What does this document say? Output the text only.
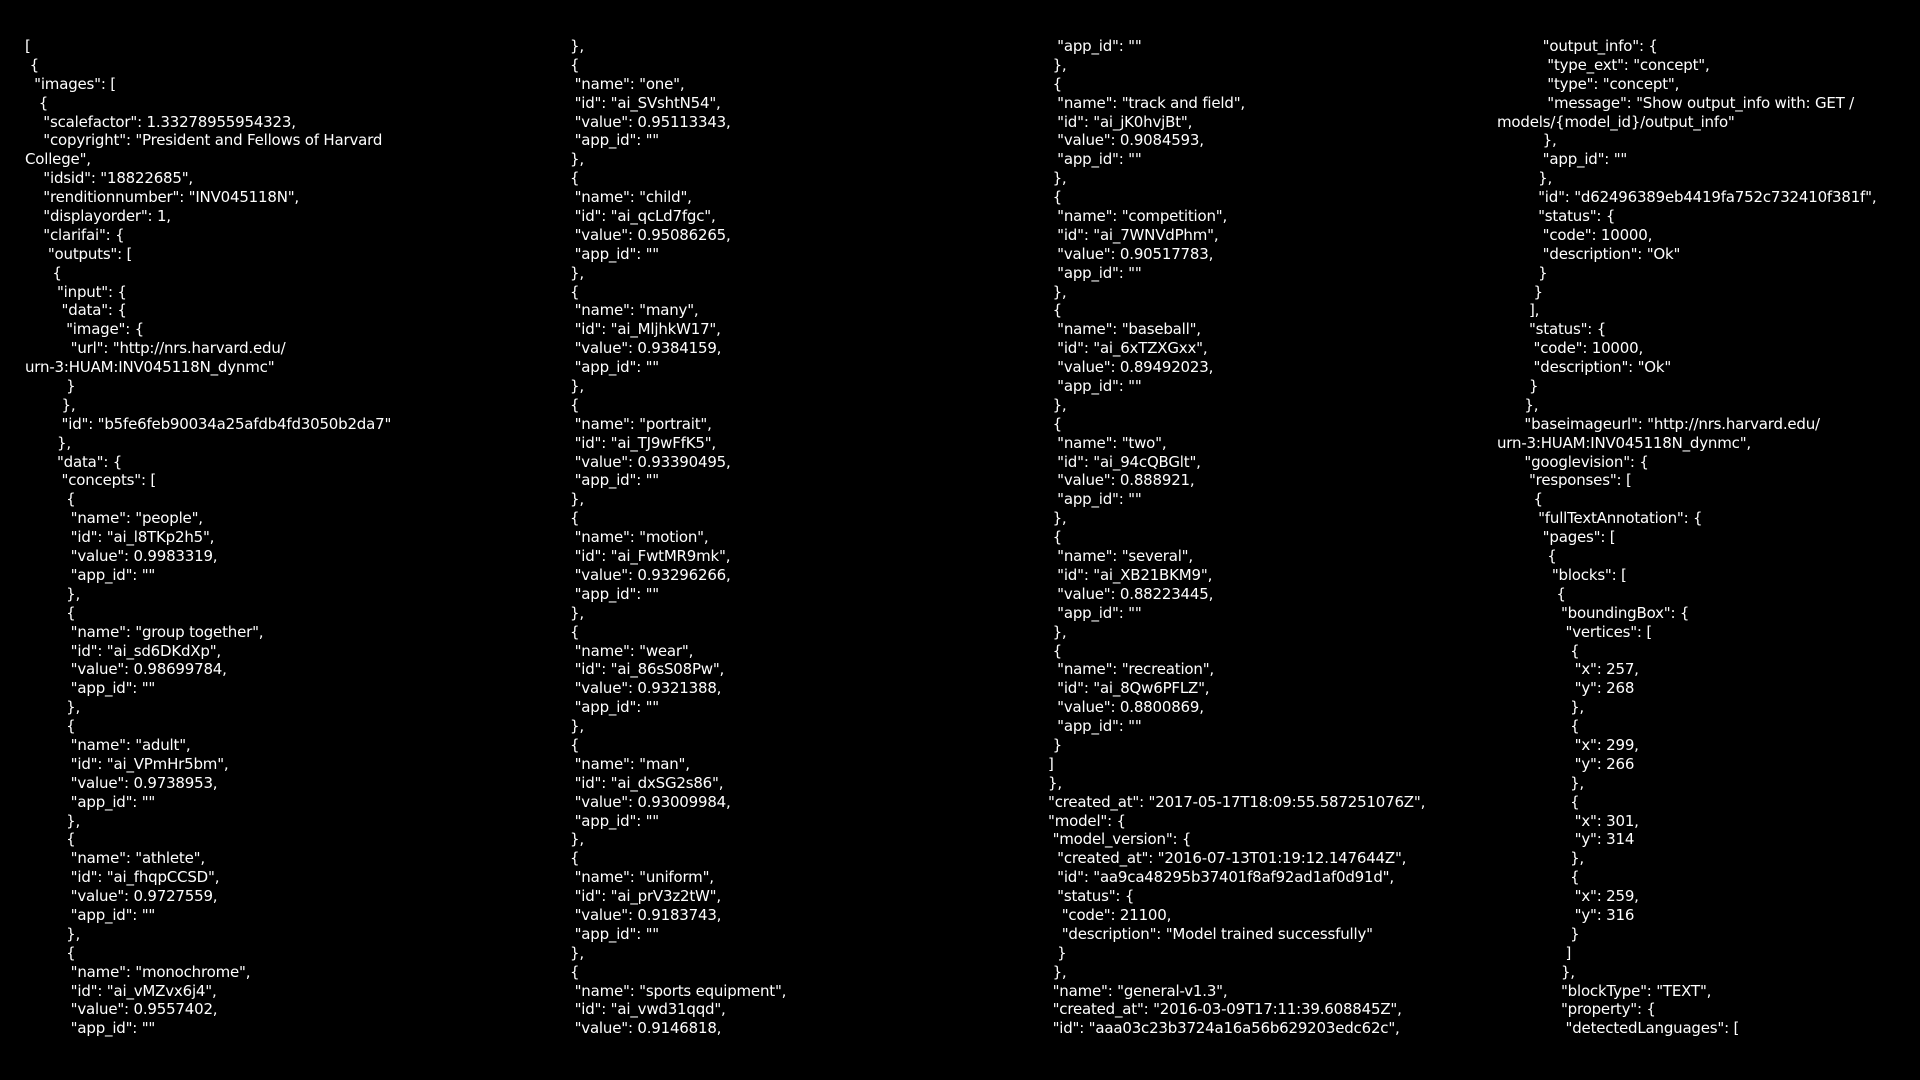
[
{
"images": [
{
"scalefactor": 1.33278955954323,
"copyright": "President and Fellows of Harvard
College",
"idsid": "18822685",
"renditionnumber": "INV045118N",
"displayorder": 1,
"clarifai": {
"outputs": [
{
"input": {
"data": {
"image": {
"url": "http://nrs.harvard.edu/
urn-3:HUAM:INV045118N_dynmc"
}
},
"id": "b5fe6feb90034a25afdb4fd3050b2da7"
},
"data": {
"concepts": [
{
"name": "people",
"id": "ai_l8TKp2h5",
"value": 0.9983319,
"app_id": ""
},
{
"name": "group together",
"id": "ai_sd6DKdXp",
"value": 0.98699784,
"app_id": ""
},
{
"name": "adult",
"id": "ai_VPmHr5bm",
"value": 0.9738953,
"app_id": ""
},
{
"name": "athlete",
"id": "ai_fhqpCCSD",
"value": 0.9727559,
"app_id": ""
},
{
"name": "monochrome",
"id": "ai_vMZvx6j4",
"value": 0.9557402,
"app_id": ""
},
{
"name": "one",
"id": "ai_SVshtN54",
"value": 0.95113343,
"app_id": ""
},
{
"name": "child",
"id": "ai_qcLd7fgc",
"value": 0.95086265,
"app_id": ""
},
{
"name": "many",
"id": "ai_MljhkW17",
"value": 0.9384159,
"app_id": ""
},
{
"name": "portrait",
"id": "ai_TJ9wFfK5",
"value": 0.93390495,
"app_id": ""
},
{
"name": "motion",
"id": "ai_FwtMR9mk",
"value": 0.93296266,
"app_id": ""
},
{
"name": "wear",
"id": "ai_86sS08Pw",
"value": 0.9321388,
"app_id": ""
},
{
"name": "man",
"id": "ai_dxSG2s86",
"value": 0.93009984,
"app_id": ""
},
{
"name": "uniform",
"id": "ai_prV3z2tW",
"value": 0.9183743,
"app_id": ""
},
{
"name": "sports equipment",
"id": "ai_vwd31qqd",
"value": 0.9146818,
"app_id": ""
},
{
"name": "track and field",
"id": "ai_jK0hvjBt",
"value": 0.9084593,
"app_id": ""
},
{
"name": "competition",
"id": "ai_7WNVdPhm",
"value": 0.90517783,
"app_id": ""
},
{
"name": "baseball",
"id": "ai_6xTZXGxx",
"value": 0.89492023,
"app_id": ""
},
{
"name": "two",
"id": "ai_94cQBGlt",
"value": 0.888921,
"app_id": ""
},
{
"name": "several",
"id": "ai_XB21BKM9",
"value": 0.88223445,
"app_id": ""
},
{
"name": "recreation",
"id": "ai_8Qw6PFLZ",
"value": 0.8800869,
"app_id": ""
}
]
},
"created_at": "2017-05-17T18:09:55.587251076Z",
"model": {
"model_version": {
"created_at": "2016-07-13T01:19:12.147644Z",
"id": "aa9ca48295b37401f8af92ad1af0d91d",
"status": {
"code": 21100,
"description": "Model trained successfully"
}
},
"name": "general-v1.3",
"created_at": "2016-03-09T17:11:39.608845Z",
"id": "aaa03c23b3724a16a56b629203edc62c",
"output_info": {
"type_ext": "concept",
"type": "concept",
"message": "Show output_info with: GET /
models/{model_id}/output_info"
},
"app_id": ""
},
"id": "d62496389eb4419fa752c732410f381f",
"status": {
"code": 10000,
"description": "Ok"
}
}
],
"status": {
"code": 10000,
"description": "Ok"
}
},
"baseimageurl": "http://nrs.harvard.edu/
urn-3:HUAM:INV045118N_dynmc",
"googlevision": {
"responses": [
{
"fullTextAnnotation": {
"pages": [
{
"blocks": [
{
"boundingBox": {
"vertices": [
{
"x": 257,
"y": 268
},
{
"x": 299,
"y": 266
},
{
"x": 301,
"y": 314
},
{
"x": 259,
"y": 316
}
]
},
"blockType": "TEXT",
"property": {
"detectedLanguages": [
